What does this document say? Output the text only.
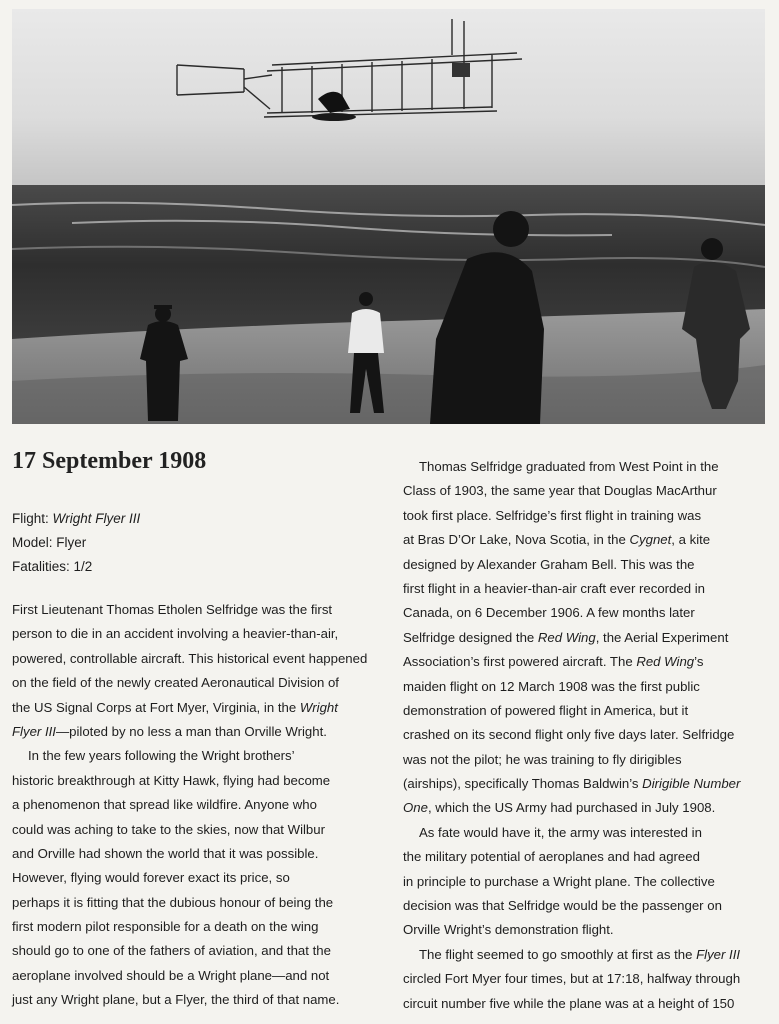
17 September 1908
Flight: Wright Flyer III
Model: Flyer
Fatalities: 1/2
First Lieutenant Thomas Etholen Selfridge was the first
person to die in an accident involving a heavier-than-air,
powered, controllable aircraft. This historical event happened
on the field of the newly created Aeronautical Division of
the US Signal Corps at Fort Myer, Virginia, in the Wright
Flyer III—piloted by no less a man than Orville Wright.
In the few years following the Wright brothers’
historic breakthrough at Kitty Hawk, flying had become
a phenomenon that spread like wildfire. Anyone who
could was aching to take to the skies, now that Wilbur
and Orville had shown the world that it was possible.
However, flying would forever exact its price, so
perhaps it is fitting that the dubious honour of being the
first modern pilot responsible for a death on the wing
should go to one of the fathers of aviation, and that the
aeroplane involved should be a Wright plane—and not
just any Wright plane, but a Flyer, the third of that name.
Thomas Selfridge graduated from West Point in the
Class of 1903, the same year that Douglas MacArthur
took first place. Selfridge’s first flight in training was
at Bras D’Or Lake, Nova Scotia, in the Cygnet, a kite
designed by Alexander Graham Bell. This was the
first flight in a heavier-than-air craft ever recorded in
Canada, on 6 December 1906. A few months later
Selfridge designed the Red Wing, the Aerial Experiment
Association’s first powered aircraft. The Red Wing’s
maiden flight on 12 March 1908 was the first public
demonstration of powered flight in America, but it
crashed on its second flight only five days later. Selfridge
was not the pilot; he was training to fly dirigibles
(airships), specifically Thomas Baldwin’s Dirigible Number
One, which the US Army had purchased in July 1908.
As fate would have it, the army was interested in
the military potential of aeroplanes and had agreed
in principle to purchase a Wright plane. The collective
decision was that Selfridge would be the passenger on
Orville Wright’s demonstration flight.
The flight seemed to go smoothly at first as the Flyer III
circled Fort Myer four times, but at 17:18, halfway through
circuit number five while the plane was at a height of 150
